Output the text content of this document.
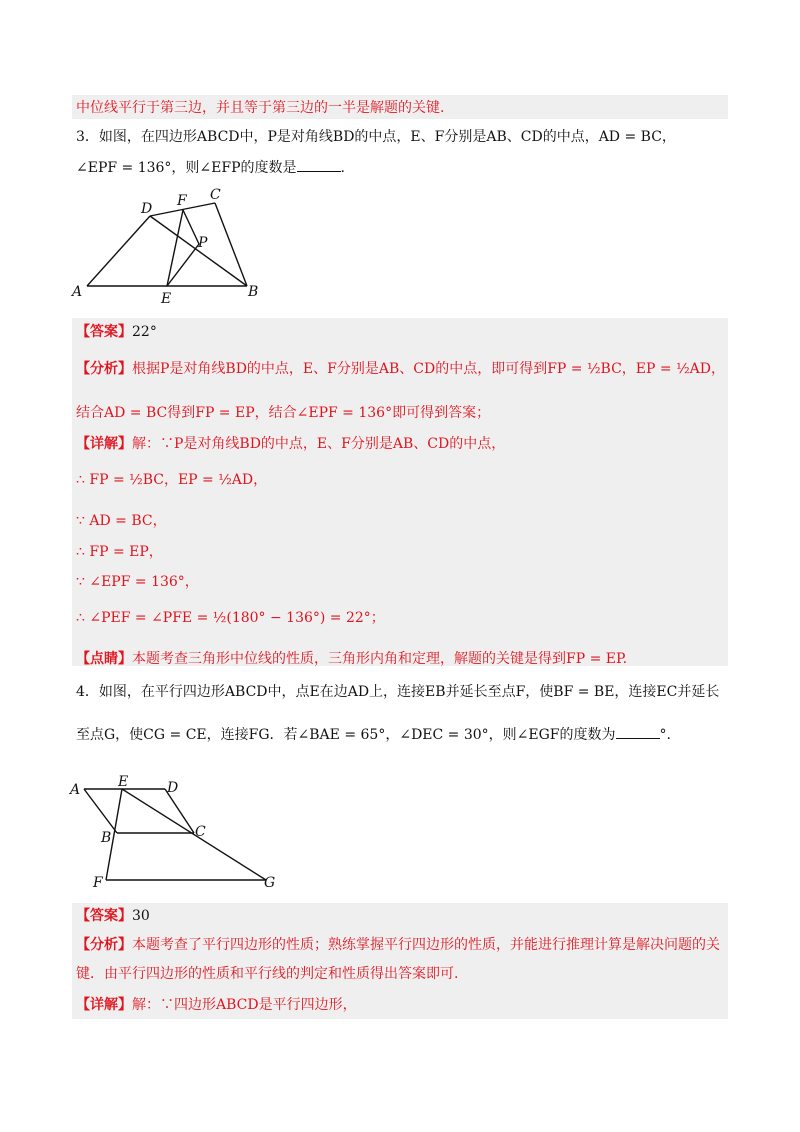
中位线平行于第三边，并且等于第三边的一半是解题的关键.
3．如图，在四边形ABCD中，P是对角线BD的中点，E、F分别是AB、CD的中点，AD = BC，
∠EPF = 136°，则∠EFP的度数是	.
A	B
C
D
E
F
P
【答案】22°
【分析】根据P是对角线BD的中点，E、F分别是AB、CD的中点，即可得到FP = ½BC，EP = ½AD，
结合AD = BC得到FP = EP，结合∠EPF = 136°即可得到答案；
【详解】解：∵P是对角线BD的中点，E、F分别是AB、CD的中点，
∴ FP = ½BC，EP = ½AD，
∵ AD = BC，
∴ FP = EP，
∵ ∠EPF = 136°，
∴ ∠PEF = ∠PFE = ½(180° − 136°) = 22°；
【点睛】本题考查三角形中位线的性质，三角形内角和定理，解题的关键是得到FP = EP.
4．如图，在平行四边形ABCD中，点E在边AD上，连接EB并延长至点F，使BF = BE，连接EC并延长
至点G，使CG = CE，连接FG．若∠BAE = 65°，∠DEC = 30°，则∠EGF的度数为	°.
A	E	D
B	C
F	G
【答案】30
【分析】本题考查了平行四边形的性质；熟练掌握平行四边形的性质，并能进行推理计算是解决问题的关
键．由平行四边形的性质和平行线的判定和性质得出答案即可.
【详解】解：∵四边形ABCD是平行四边形，
